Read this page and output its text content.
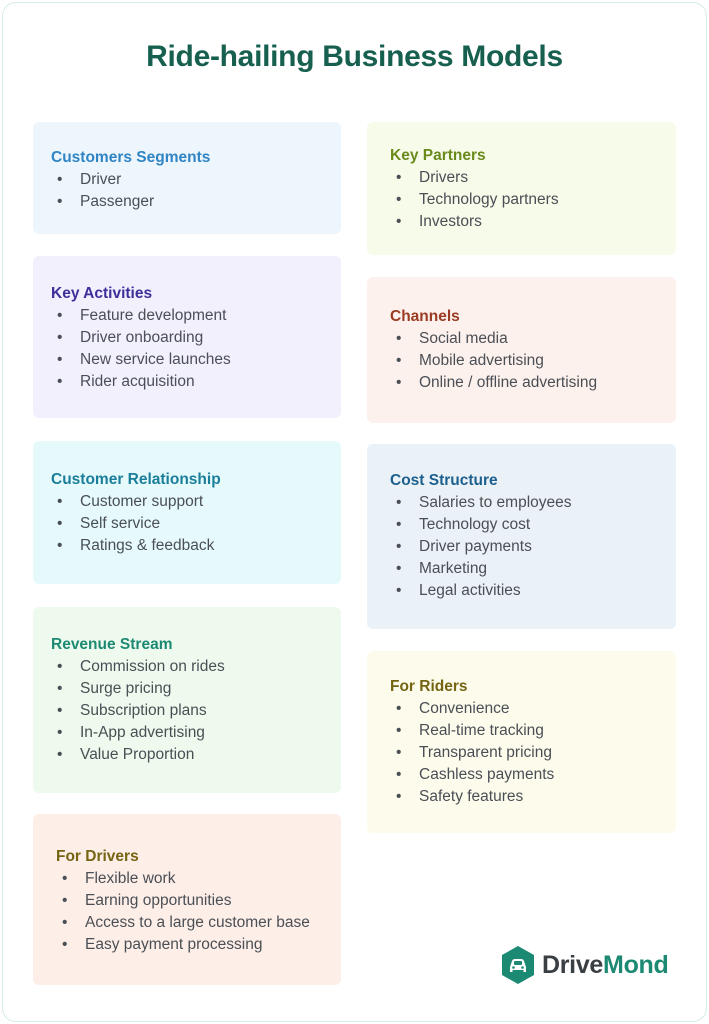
Ride-hailing Business Models
Customers Segments
• Driver
• Passenger
Key Partners
• Drivers
• Technology partners
• Investors
Key Activities
• Feature development
• Driver onboarding
• New service launches
• Rider acquisition
Channels
• Social media
• Mobile advertising
• Online / offline advertising
Customer Relationship
• Customer support
• Self service
• Ratings & feedback
Cost Structure
• Salaries to employees
• Technology cost
• Driver payments
• Marketing
• Legal activities
Revenue Stream
• Commission on rides
• Surge pricing
• Subscription plans
• In-App advertising
• Value Proportion
For Riders
• Convenience
• Real-time tracking
• Transparent pricing
• Cashless payments
• Safety features
For Drivers
• Flexible work
• Earning opportunities
• Access to a large customer base
• Easy payment processing
DriveMond
